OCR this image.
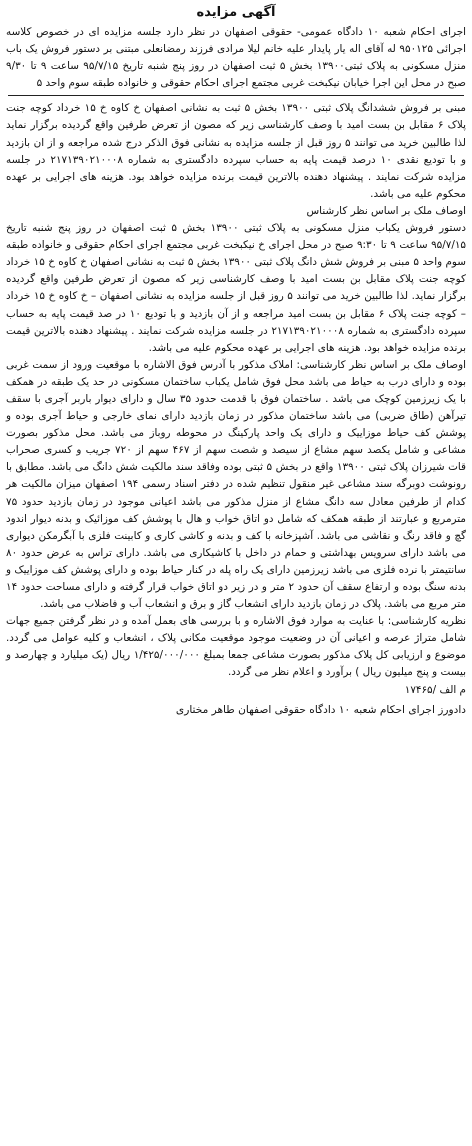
آگهی مزایده

اجرای احکام شعبه ۱۰ دادگاه عمومی- حقوقی اصفهان در نظر دارد جلسه مزایده ای در خصوص کلاسه اجرائی ۹۵۰۱۲۵ له آقای اله یار پایدار علیه خانم لیلا مرادی فرزند رمضانعلی مبتنی بر دستور فروش یک باب منزل مسکونی به پلاک ثبتی۱۳۹۰۰ بخش ۵ ثبت اصفهان در روز پنج شنبه تاریخ ۹۵/۷/۱۵ ساعت ۹ تا ۹/۳۰ صبح در محل این اجرا خیابان نیکبخت غربی مجتمع اجرای احکام حقوقی و خانواده طبقه سوم واحد ۵

مبنی بر فروش ششدانگ پلاک ثبتی ۱۳۹۰۰ بخش ۵ ثبت به نشانی اصفهان خ کاوه خ ۱۵ خرداد کوچه جنت پلاک ۶ مقابل بن بست امید با وصف کارشناسی زیر که مصون از تعرض طرفین واقع گردیده برگزار نماید لذا طالبین خرید می توانند ۵ روز قبل از جلسه مزایده به نشانی فوق الذکر درج شده مراجعه و از ان بازدید و با تودیع نقدی ۱۰ درصد قیمت پایه به حساب سپرده دادگستری به شماره ۲۱۷۱۳۹۰۲۱۰۰۰۸ در جلسه مزایده شرکت نمایند . پیشنهاد دهنده بالاترین قیمت برنده مزایده خواهد بود. هزینه های اجرایی بر عهده محکوم علیه می باشد.

اوصاف ملک بر اساس نظر کارشناس

دستور فروش یکباب منزل مسکونی به پلاک ثبتی ۱۳۹۰۰ بخش ۵ ثبت اصفهان در روز پنج شنبه تاریخ ۹۵/۷/۱۵ ساعت ۹ تا ۹:۳۰ صبح در محل اجرای خ نیکبخت غربی مجتمع اجرای احکام حقوقی و خانواده طبقه سوم واحد ۵ مبنی بر فروش شش دانگ پلاک ثبتی ۱۳۹۰۰ بخش ۵ ثبت به نشانی اصفهان خ کاوه خ ۱۵ خرداد کوچه جنت پلاک مقابل بن بست امید با وصف کارشناسی زیر که مصون از تعرض طرفین واقع گردیده برگزار نماید. لذا طالبین خرید می توانند ۵ روز قبل از جلسه مزایده به نشانی اصفهان – خ کاوه خ ۱۵ خرداد – کوچه جنت پلاک ۶ مقابل بن بست امید مراجعه و از آن بازدید و با تودیع ۱۰ در صد قیمت پایه به حساب سپرده دادگستری به شماره ۲۱۷۱۳۹۰۲۱۰۰۰۸ در جلسه مزایده شرکت نمایند . پیشنهاد دهنده بالاترین قیمت برنده مزایده خواهد بود. هزینه های اجرایی بر عهده محکوم علیه می باشد.

اوصاف ملک بر اساس نظر کارشناسی: املاک مذکور با آدرس فوق الاشاره با موقعیت ورود از سمت غربی بوده و دارای درب به حیاط می باشد محل فوق شامل یکباب ساختمان مسکونی در حد یک طبقه در همکف با یک زیرزمین کوچک می باشد . ساختمان فوق با قدمت حدود ۳۵ سال و دارای دیوار باربر آجری با سقف تیرآهن (طاق ضربی) می باشد ساختمان مذکور در زمان بازدید دارای نمای خارجی و حیاط آجری بوده و پوشش کف حیاط موزاییک و دارای یک واحد پارکینگ در محوطه روباز می باشد. محل مذکور بصورت مشاعی و شامل یکصد سهم مشاع از سیصد و شصت سهم از ۴۶۷ سهم از ۷۲۰ جریب و کسری صحراب قات شیرزان پلاک ثبتی ۱۳۹۰۰ واقع در بخش ۵ ثبتی بوده وفاقد سند مالکیت شش دانگ می باشد. مطابق با رونوشت دوبرگه سند مشاعی غیر منقول تنظیم شده در دفتر اسناد رسمی ۱۹۴ اصفهان میزان مالکیت هر کدام از طرفین معادل سه دانگ مشاع از منزل مذکور می باشد اعیانی موجود در زمان بازدید حدود ۷۵ مترمربع و عبارتند از طبقه همکف که شامل دو اتاق خواب و هال با پوشش کف موزائیک و بدنه دیوار اندود گچ و فاقد رنگ و نقاشی می باشد. آشپزخانه با کف و بدنه و کاشی کاری و کابینت فلزی با آبگرمکن دیواری می باشد دارای سرویس بهداشتی و حمام در داخل با کاشیکاری می باشد. دارای تراس به عرض حدود ۸۰ سانتیمتر با نرده فلزی می باشد زیرزمین دارای یک راه پله در کنار حیاط بوده و دارای پوشش کف موزاییک و بدنه سنگ بوده و ارتفاع سقف آن حدود ۲ متر و در زیر دو اتاق خواب قرار گرفته و دارای مساحت حدود ۱۴ متر مربع می باشد. پلاک در زمان بازدید دارای انشعاب گاز و برق و انشعاب آب و فاضلاب می باشد.

نظریه کارشناسی: با عنایت به موارد فوق الاشاره و با بررسی های بعمل آمده و در نظر گرفتن جمیع جهات شامل متراژ عرصه و اعیانی آن در وضعیت موجود موقعیت مکانی پلاک ، انشعاب و کلیه عوامل می گردد. موضوع و ارزیابی کل پلاک مذکور بصورت مشاعی جمعا بمبلغ ۱/۴۲۵/۰۰۰/۰۰۰ ریال (یک میلیارد و چهارصد و بیست و پنج میلیون ریال ) برآورد و اعلام نظر می گردد.

م الف /۱۷۴۶۵

دادورز اجرای احکام شعبه ۱۰ دادگاه حقوقی اصفهان طاهر مختاری
